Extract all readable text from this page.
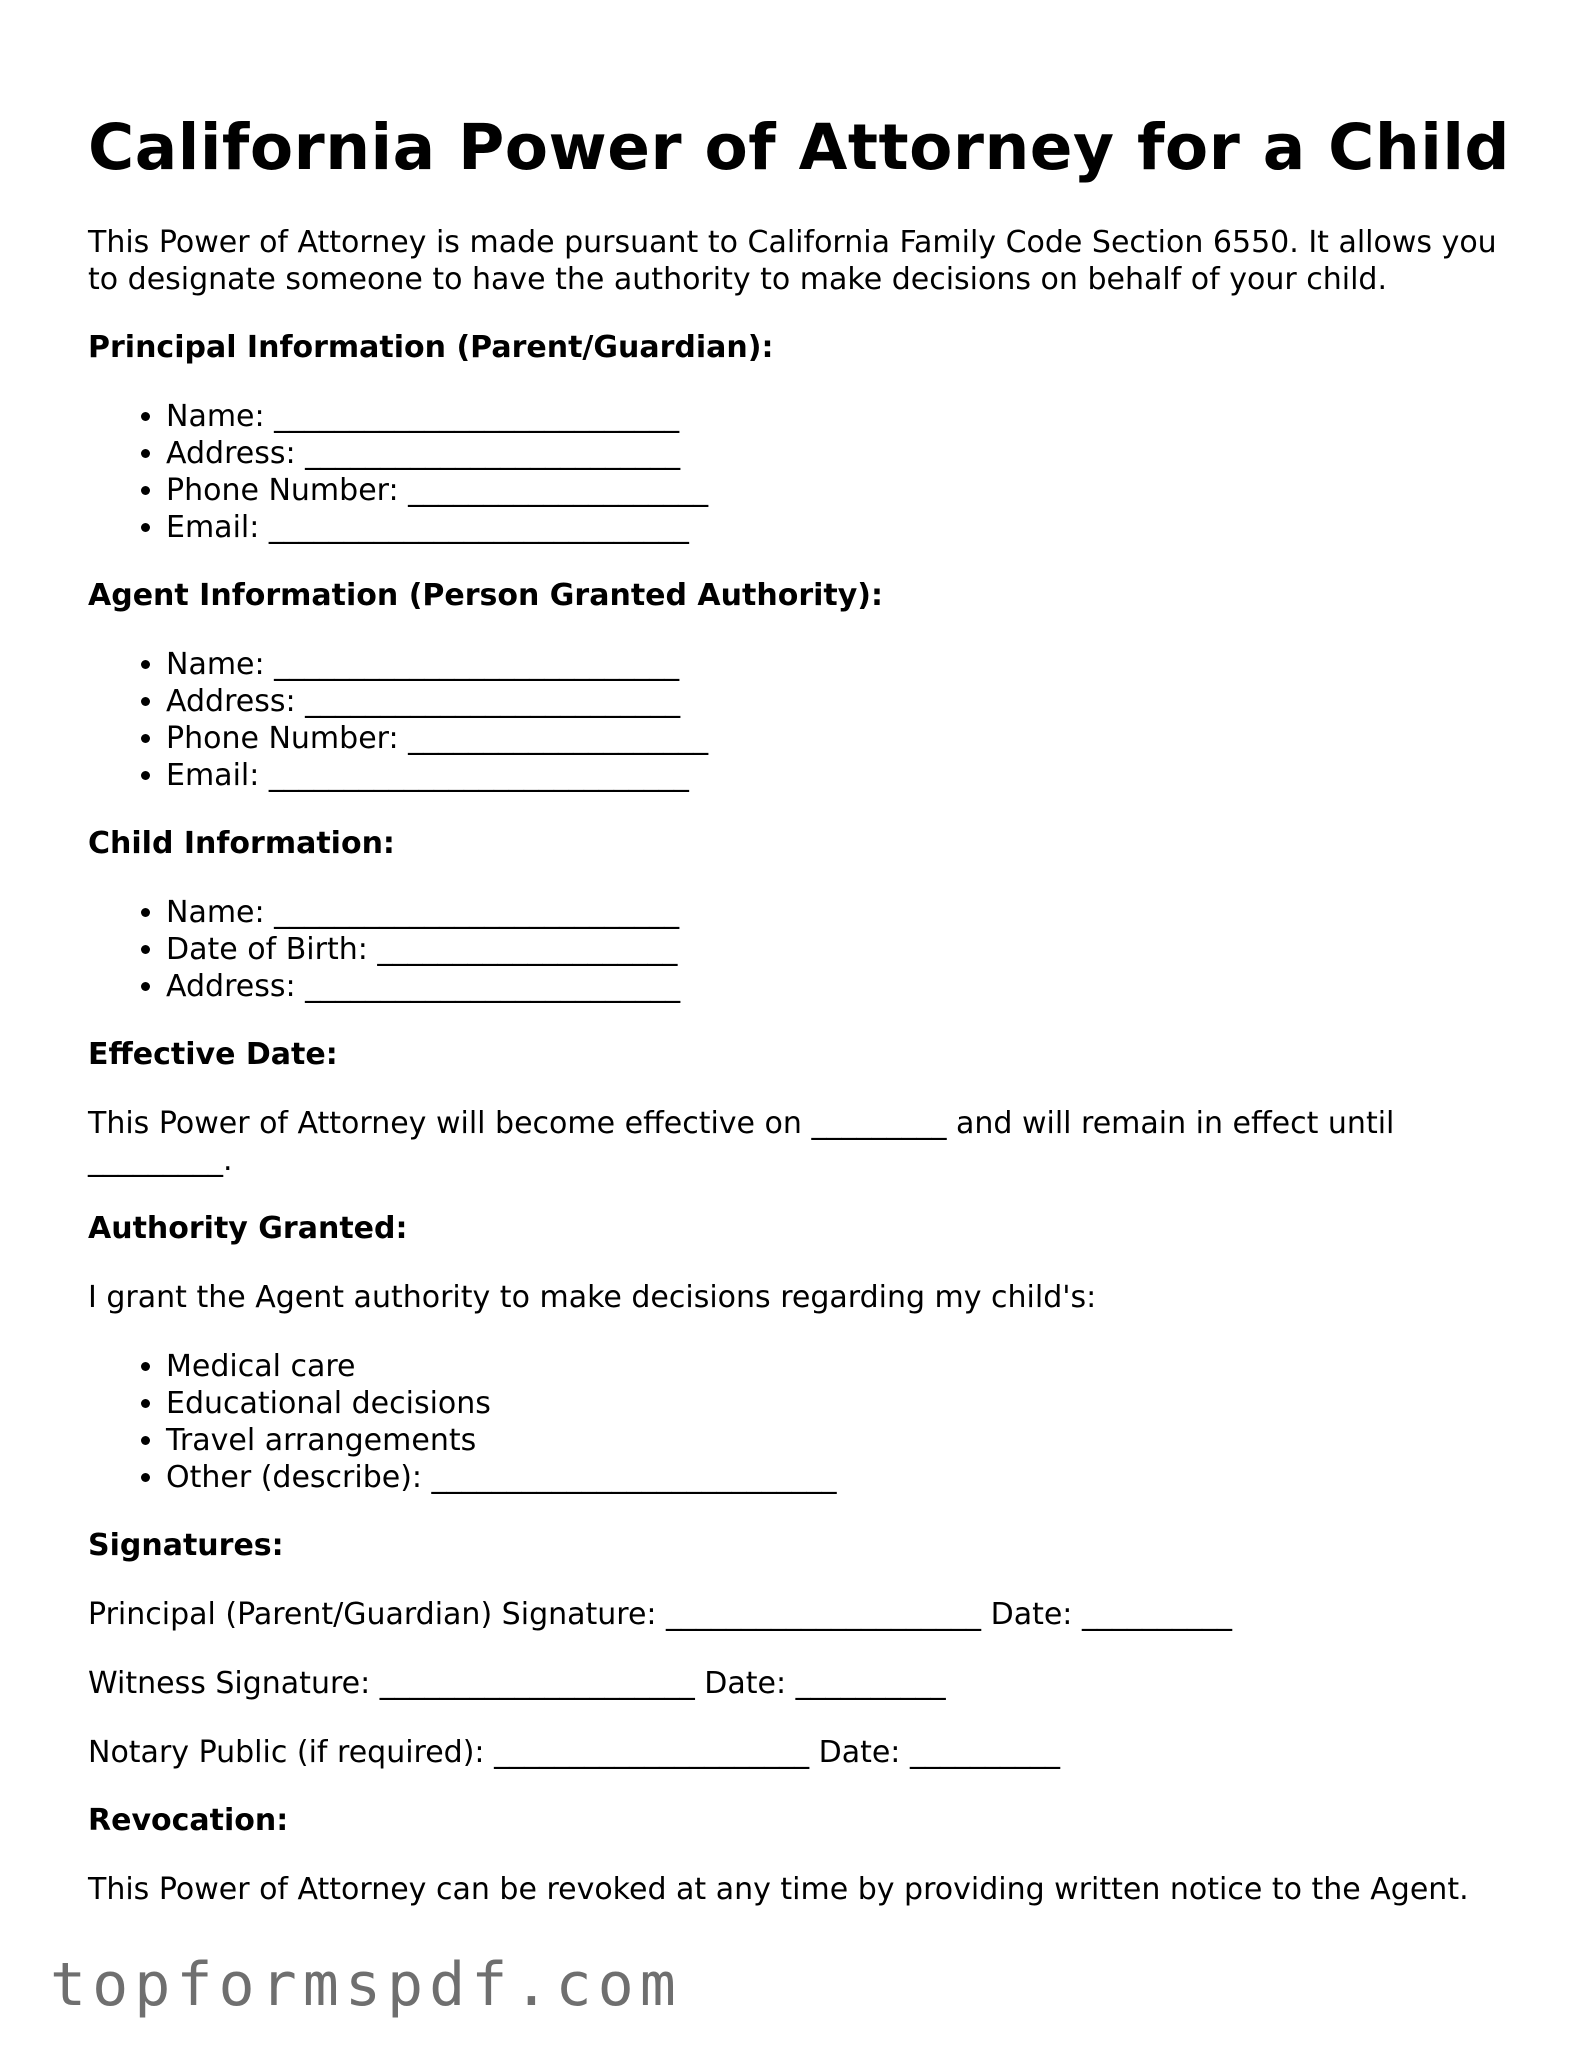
California Power of Attorney for a Child
This Power of Attorney is made pursuant to California Family Code Section 6550. It allows you to designate someone to have the authority to make decisions on behalf of your child.
Principal Information (Parent/Guardian):
• Name: ___________________________
• Address: _________________________
• Phone Number: ____________________
• Email: ____________________________
Agent Information (Person Granted Authority):
• Name: ___________________________
• Address: _________________________
• Phone Number: ____________________
• Email: ____________________________
Child Information:
• Name: ___________________________
• Date of Birth: ____________________
• Address: _________________________
Effective Date:

This Power of Attorney will become effective on _________ and will remain in effect until _________.

Authority Granted:

I grant the Agent authority to make decisions regarding my child's:

• Medical care
• Educational decisions
• Travel arrangements
• Other (describe): ___________________________
Signatures:
Principal (Parent/Guardian) Signature: _____________________ Date: __________
Witness Signature: _____________________ Date: __________
Notary Public (if required): _____________________ Date: __________
Revocation:

This Power of Attorney can be revoked at any time by providing written notice to the Agent.

topformspdf.com
